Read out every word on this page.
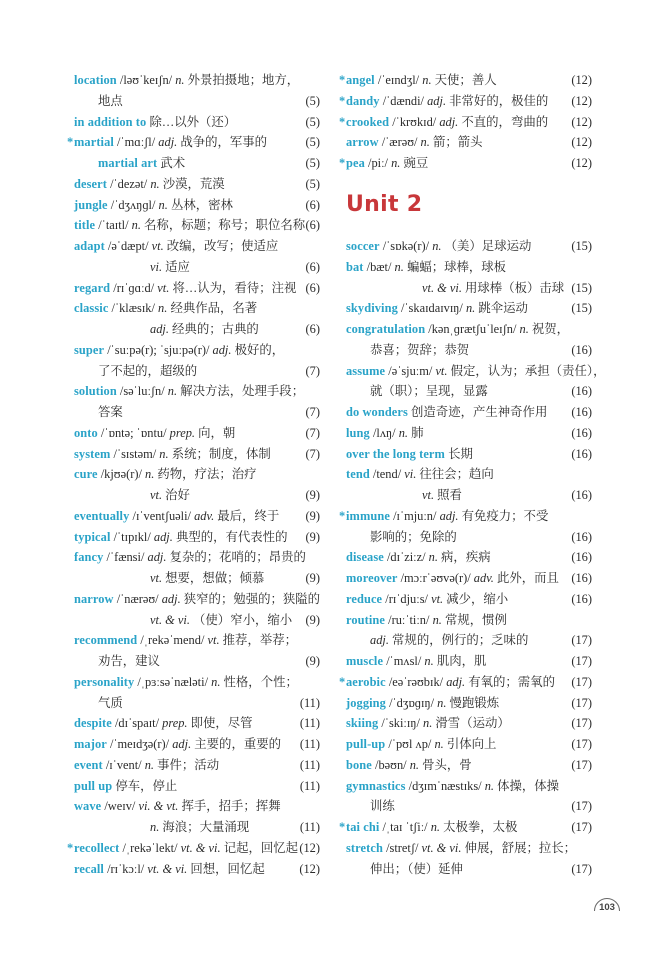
location /ləʊˈkeɪʃn/ n. 外景拍摄地；地方，
地点	(5)
in addition to 除…以外（还）	(5)
* martial /ˈmɑːʃl/ adj. 战争的，军事的	(5)
martial art 武术	(5)
desert /ˈdezət/ n. 沙漠，荒漠	(5)
jungle /ˈdʒʌŋɡl/ n. 丛林，密林	(6)
title /ˈtaɪtl/ n. 名称，标题；称号；职位名称 (6)
adapt /əˈdæpt/ vt. 改编，改写；使适应
vi. 适应	(6)
regard /rɪˈɡɑːd/ vt. 将…认为，看待；注视 (6)
classic /ˈklæsɪk/ n. 经典作品，名著
adj. 经典的；古典的	(6)
super /ˈsuːpə(r); ˈsjuːpə(r)/ adj. 极好的，
了不起的，超级的	(7)
solution /səˈluːʃn/ n. 解决方法，处理手段；
答案	(7)
onto /ˈɒntə; ˈɒntu/ prep. 向，朝	(7)
system /ˈsɪstəm/ n. 系统；制度，体制	(7)
cure /kjʊə(r)/ n. 药物，疗法；治疗
vt. 治好	(9)
eventually /ɪˈventʃuəli/ adv. 最后，终于 (9)
typical /ˈtɪpɪkl/ adj. 典型的，有代表性的 (9)
fancy /ˈfænsi/ adj. 复杂的；花哨的；昂贵的
vt. 想要，想做；倾慕	(9)
narrow /ˈnærəʊ/ adj. 狭窄的；勉强的；狭隘的
vt. & vi. （使）窄小，缩小 (9)
recommend /ˌrekəˈmend/ vt. 推荐，举荐；
劝告，建议	(9)
personality /ˌpɜːsəˈnæləti/ n. 性格，个性；
气质	(11)
despite /dɪˈspaɪt/ prep. 即使，尽管	(11)
major /ˈmeɪdʒə(r)/ adj. 主要的，重要的 (11)
event /ɪˈvent/ n. 事件；活动	(11)
pull up 停车，停止	(11)
wave /weɪv/ vi. & vt. 挥手，招手；挥舞
n. 海浪；大量涌现	(11)
* recollect /ˌrekəˈlekt/ vt. & vi. 记起，回忆起 (12)
recall /rɪˈkɔːl/ vt. & vi. 回想，回忆起	(12)
* angel /ˈeɪndʒl/ n. 天使；善人	(12)
* dandy /ˈdændi/ adj. 非常好的，极佳的 (12)
* crooked /ˈkrʊkɪd/ adj. 不直的，弯曲的 (12)
arrow /ˈærəʊ/ n. 箭；箭头	(12)
* pea /piː/ n. 豌豆	(12)
Unit 2
soccer /ˈsɒkə(r)/ n. （美）足球运动	(15)
bat /bæt/ n. 蝙蝠；球棒，球板
vt. & vi. 用球棒（板）击球 (15)
skydiving /ˈskaɪdaɪvɪŋ/ n. 跳伞运动	(15)
congratulation /kənˌɡrætʃuˈleɪʃn/ n. 祝贺，
恭喜；贺辞；恭贺	(16)
assume /əˈsjuːm/ vt. 假定，认为；承担（责任），
就（职）；呈现，显露	(16)
do wonders 创造奇迹，产生神奇作用 (16)
lung /lʌŋ/ n. 肺	(16)
over the long term 长期	(16)
tend /tend/ vi. 往往会；趋向
vt. 照看	(16)
* immune /ɪˈmjuːn/ adj. 有免疫力；不受
影响的；免除的	(16)
disease /dɪˈziːz/ n. 病，疾病	(16)
moreover /mɔːrˈəʊvə(r)/ adv. 此外，而且 (16)
reduce /rɪˈdjuːs/ vt. 减少，缩小	(16)
routine /ruːˈtiːn/ n. 常规，惯例
adj. 常规的，例行的；乏味的	(17)
muscle /ˈmʌsl/ n. 肌肉，肌	(17)
* aerobic /eəˈrəʊbɪk/ adj. 有氧的；需氧的 (17)
jogging /ˈdʒɒɡɪŋ/ n. 慢跑锻炼	(17)
skiing /ˈskiːɪŋ/ n. 滑雪（运动）	(17)
pull-up /ˈpʊl ʌp/ n. 引体向上	(17)
bone /bəʊn/ n. 骨头，骨	(17)
gymnastics /dʒɪmˈnæstɪks/ n. 体操，体操
训练	(17)
* tai chi /ˌtaɪ ˈtʃiː/ n. 太极拳，太极	(17)
stretch /stretʃ/ vt. & vi. 伸展，舒展；拉长；
伸出；（使）延伸	(17)
103
